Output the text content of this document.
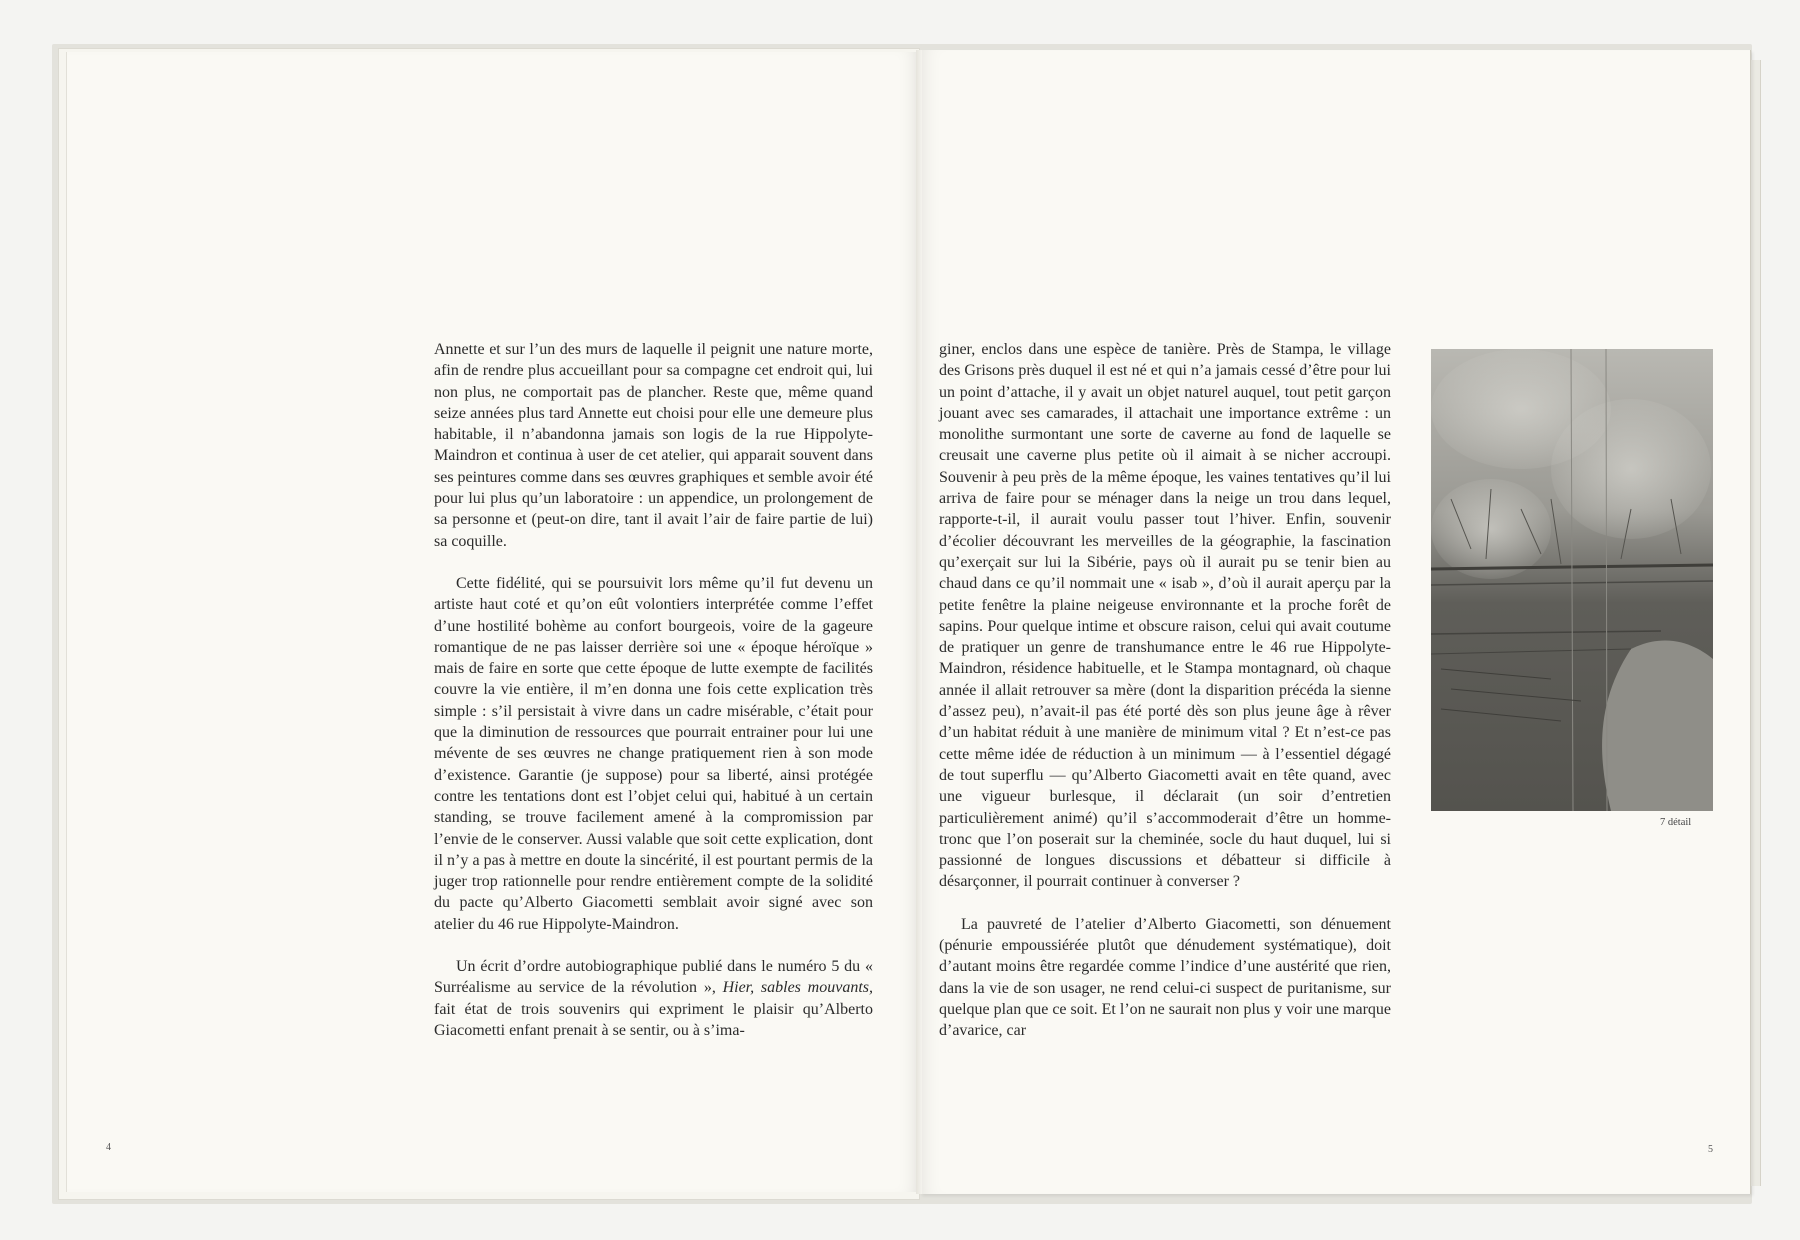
Annette et sur l’un des murs de laquelle il peignit une nature morte, afin de rendre plus accueillant pour sa compagne cet endroit qui, lui non plus, ne comportait pas de plancher. Reste que, même quand seize années plus tard Annette eut choisi pour elle une demeure plus habitable, il n’abandonna jamais son logis de la rue Hippolyte-Maindron et continua à user de cet atelier, qui apparait souvent dans ses peintures comme dans ses œuvres graphiques et semble avoir été pour lui plus qu’un laboratoire : un appendice, un prolongement de sa personne et (peut-on dire, tant il avait l’air de faire partie de lui) sa coquille.

Cette fidélité, qui se poursuivit lors même qu’il fut devenu un artiste haut coté et qu’on eût volontiers interprétée comme l’effet d’une hostilité bohème au confort bourgeois, voire de la gageure romantique de ne pas laisser derrière soi une « époque héroïque » mais de faire en sorte que cette époque de lutte exempte de facilités couvre la vie entière, il m’en donna une fois cette explication très simple : s’il persistait à vivre dans un cadre misérable, c’était pour que la diminution de ressources que pourrait entrainer pour lui une mévente de ses œuvres ne change pratiquement rien à son mode d’existence. Garantie (je suppose) pour sa liberté, ainsi protégée contre les tentations dont est l’objet celui qui, habitué à un certain standing, se trouve facilement amené à la compromission par l’envie de le conserver. Aussi valable que soit cette explication, dont il n’y a pas à mettre en doute la sincérité, il est pourtant permis de la juger trop rationnelle pour rendre entièrement compte de la solidité du pacte qu’Alberto Giacometti semblait avoir signé avec son atelier du 46 rue Hippolyte-Maindron.

Un écrit d’ordre autobiographique publié dans le numéro 5 du « Surréalisme au service de la révolution », Hier, sables mouvants, fait état de trois souvenirs qui expriment le plaisir qu’Alberto Giacometti enfant prenait à se sentir, ou à s’ima-

4

giner, enclos dans une espèce de tanière. Près de Stampa, le village des Grisons près duquel il est né et qui n’a jamais cessé d’être pour lui un point d’attache, il y avait un objet naturel auquel, tout petit garçon jouant avec ses camarades, il attachait une importance extrême : un monolithe surmontant une sorte de caverne au fond de laquelle se creusait une caverne plus petite où il aimait à se nicher accroupi. Souvenir à peu près de la même époque, les vaines tentatives qu’il lui arriva de faire pour se ménager dans la neige un trou dans lequel, rapporte-t-il, il aurait voulu passer tout l’hiver. Enfin, souvenir d’écolier découvrant les merveilles de la géographie, la fascination qu’exerçait sur lui la Sibérie, pays où il aurait pu se tenir bien au chaud dans ce qu’il nommait une « isab », d’où il aurait aperçu par la petite fenêtre la plaine neigeuse environnante et la proche forêt de sapins. Pour quelque intime et obscure raison, celui qui avait coutume de pratiquer un genre de transhumance entre le 46 rue Hippolyte-Maindron, résidence habituelle, et le Stampa montagnard, où chaque année il allait retrouver sa mère (dont la disparition précéda la sienne d’assez peu), n’avait-il pas été porté dès son plus jeune âge à rêver d’un habitat réduit à une manière de minimum vital ? Et n’est-ce pas cette même idée de réduction à un minimum — à l’essentiel dégagé de tout superflu — qu’Alberto Giacometti avait en tête quand, avec une vigueur burlesque, il déclarait (un soir d’entretien particulièrement animé) qu’il s’accommoderait d’être un homme-tronc que l’on poserait sur la cheminée, socle du haut duquel, lui si passionné de longues discussions et débatteur si difficile à désarçonner, il pourrait continuer à converser ?

La pauvreté de l’atelier d’Alberto Giacometti, son dénuement (pénurie empoussiérée plutôt que dénudement systématique), doit d’autant moins être regardée comme l’indice d’une austérité que rien, dans la vie de son usager, ne rend celui-ci suspect de puritanisme, sur quelque plan que ce soit. Et l’on ne saurait non plus y voir une marque d’avarice, car

7 détail
5
